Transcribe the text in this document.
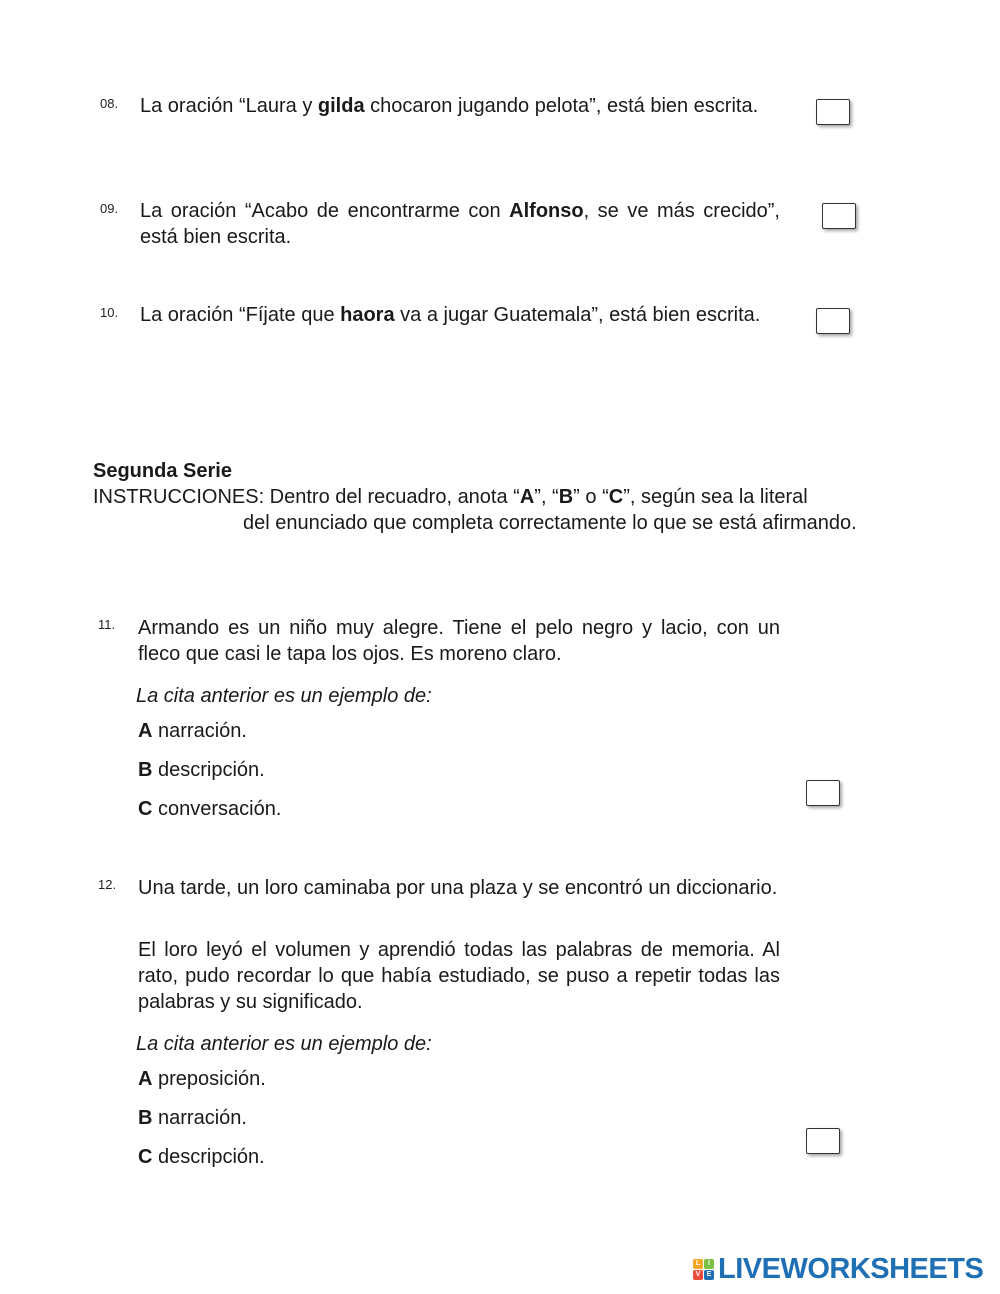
08. La oración “Laura y gilda chocaron jugando pelota”, está bien escrita.

09. La oración “Acabo de encontrarme con Alfonso, se ve más crecido”, está bien escrita.

10. La oración “Fíjate que haora va a jugar Guatemala”, está bien escrita.

Segunda Serie
INSTRUCCIONES: Dentro del recuadro, anota “A”, “B” o “C”, según sea la literal

del enunciado que completa correctamente lo que se está afirmando.

11. Armando es un niño muy alegre. Tiene el pelo negro y lacio, con un fleco que casi le tapa los ojos. Es moreno claro.

La cita anterior es un ejemplo de:
A narración.
B descripción.
C conversación.
12. Una tarde, un loro caminaba por una plaza y se encontró un diccionario.

El loro leyó el volumen y aprendió todas las palabras de memoria. Al rato, pudo recordar lo que había estudiado, se puso a repetir todas las palabras y su significado.

La cita anterior es un ejemplo de:
A preposición.
B narración.
C descripción.
L	I
V E LIVEWORKSHEETS
